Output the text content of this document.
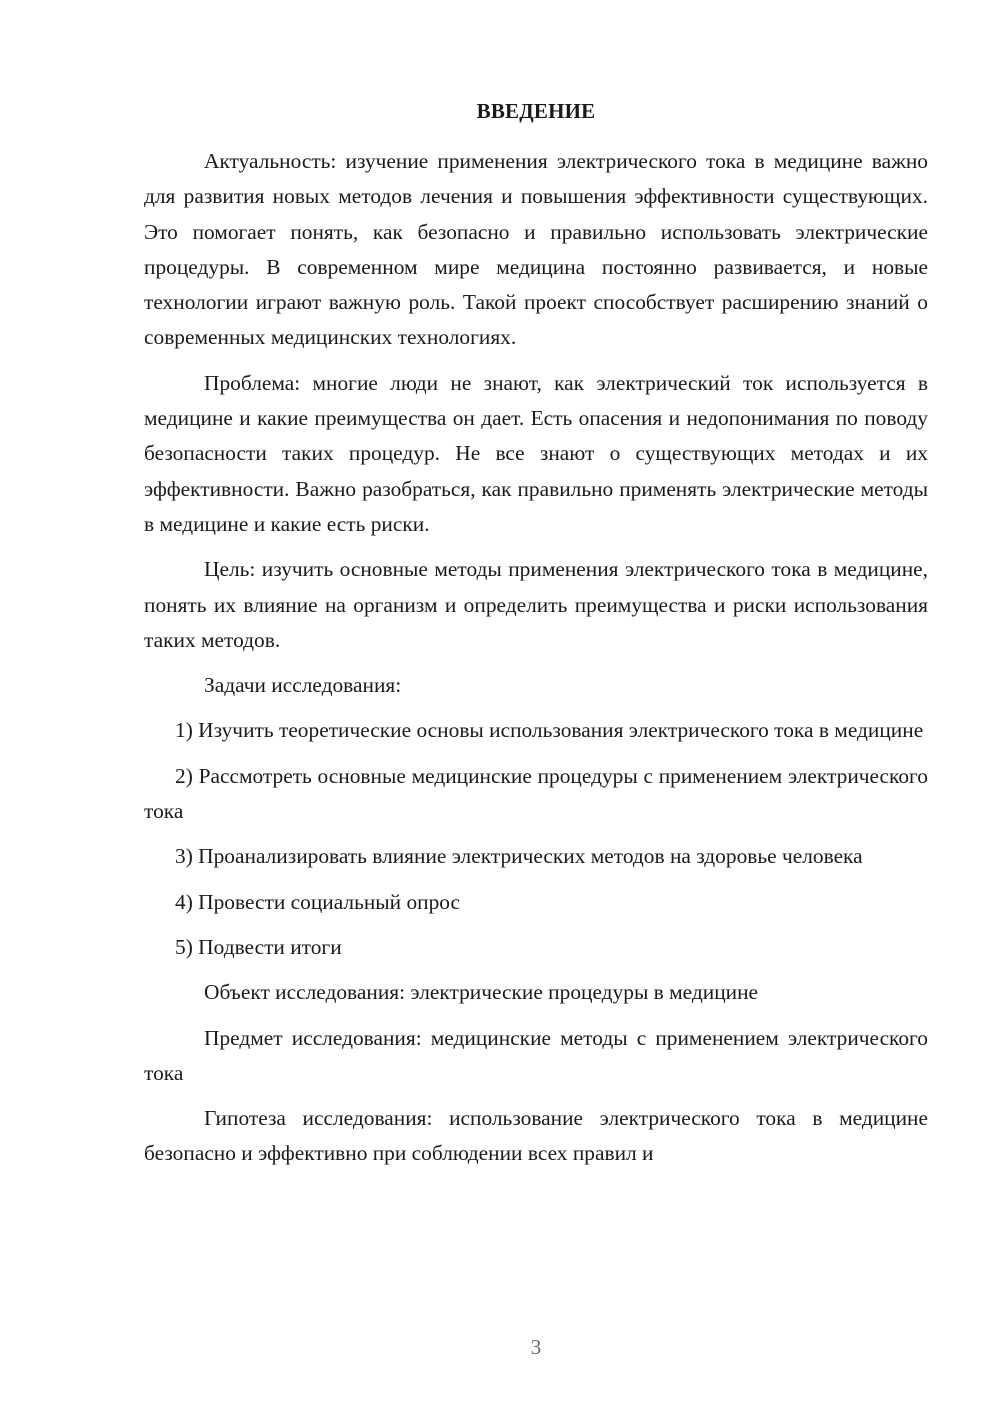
ВВЕДЕНИЕ

Актуальность: изучение применения электрического тока в медицине важно для развития новых методов лечения и повышения эффективности существующих. Это помогает понять, как безопасно и правильно использовать электрические процедуры. В современном мире медицина постоянно развивается, и новые технологии играют важную роль. Такой проект способствует расширению знаний о современных медицинских технологиях.

Проблема: многие люди не знают, как электрический ток используется в медицине и какие преимущества он дает. Есть опасения и недопонимания по поводу безопасности таких процедур. Не все знают о существующих методах и их эффективности. Важно разобраться, как правильно применять электрические методы в медицине и какие есть риски.

Цель: изучить основные методы применения электрического тока в медицине, понять их влияние на организм и определить преимущества и риски использования таких методов.

Задачи исследования:

1) Изучить теоретические основы использования электрического тока в медицине

2) Рассмотреть основные медицинские процедуры с применением электрического тока

3) Проанализировать влияние электрических методов на здоровье человека

4) Провести социальный опрос

5) Подвести итоги

Объект исследования: электрические процедуры в медицине

Предмет исследования: медицинские методы с применением электрического тока

Гипотеза исследования: использование электрического тока в медицине безопасно и эффективно при соблюдении всех правил и

3
